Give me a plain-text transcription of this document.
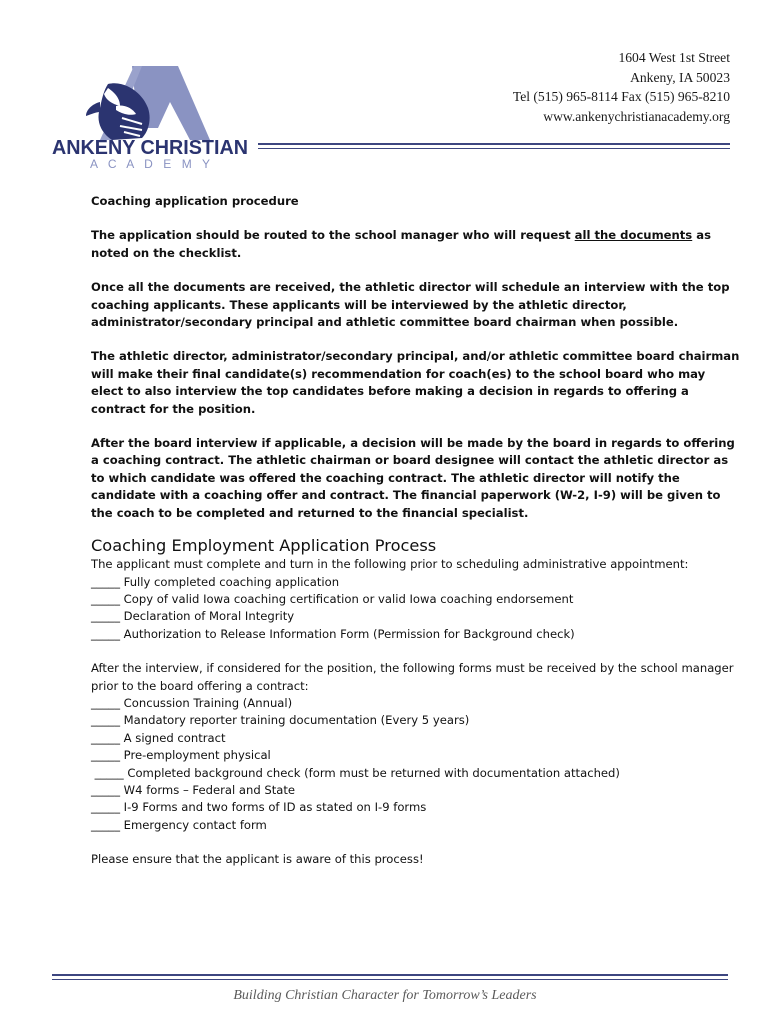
1604 West 1st Street
Ankeny, IA 50023
Tel (515) 965-8114 Fax (515) 965-8210
www.ankenychristianacademy.org
ANKENY CHRISTIAN
A C A D E M Y

Coaching application procedure

The application should be routed to the school manager who will request all the documents as noted on the checklist.

Once all the documents are received, the athletic director will schedule an interview with the top coaching applicants. These applicants will be interviewed by the athletic director, administrator/secondary principal and athletic committee board chairman when possible.

The athletic director, administrator/secondary principal, and/or athletic committee board chairman will make their final candidate(s) recommendation for coach(es) to the school board who may elect to also interview the top candidates before making a decision in regards to offering a contract for the position.

After the board interview if applicable, a decision will be made by the board in regards to offering a coaching contract. The athletic chairman or board designee will contact the athletic director as to which candidate was offered the coaching contract. The athletic director will notify the candidate with a coaching offer and contract. The financial paperwork (W-2, I-9) will be given to the coach to be completed and returned to the financial specialist.

Coaching Employment Application Process

The applicant must complete and turn in the following prior to scheduling administrative appointment:

_____ Fully completed coaching application
_____ Copy of valid Iowa coaching certification or valid Iowa coaching endorsement
_____ Declaration of Moral Integrity
_____ Authorization to Release Information Form (Permission for Background check)

After the interview, if considered for the position, the following forms must be received by the school manager prior to the board offering a contract:

_____ Concussion Training (Annual)
_____ Mandatory reporter training documentation (Every 5 years)
_____ A signed contract
_____ Pre-employment physical
_____ Completed background check (form must be returned with documentation attached)
_____ W4 forms – Federal and State
_____ I-9 Forms and two forms of ID as stated on I-9 forms
_____ Emergency contact form

Please ensure that the applicant is aware of this process!

Building Christian Character for Tomorrow’s Leaders
